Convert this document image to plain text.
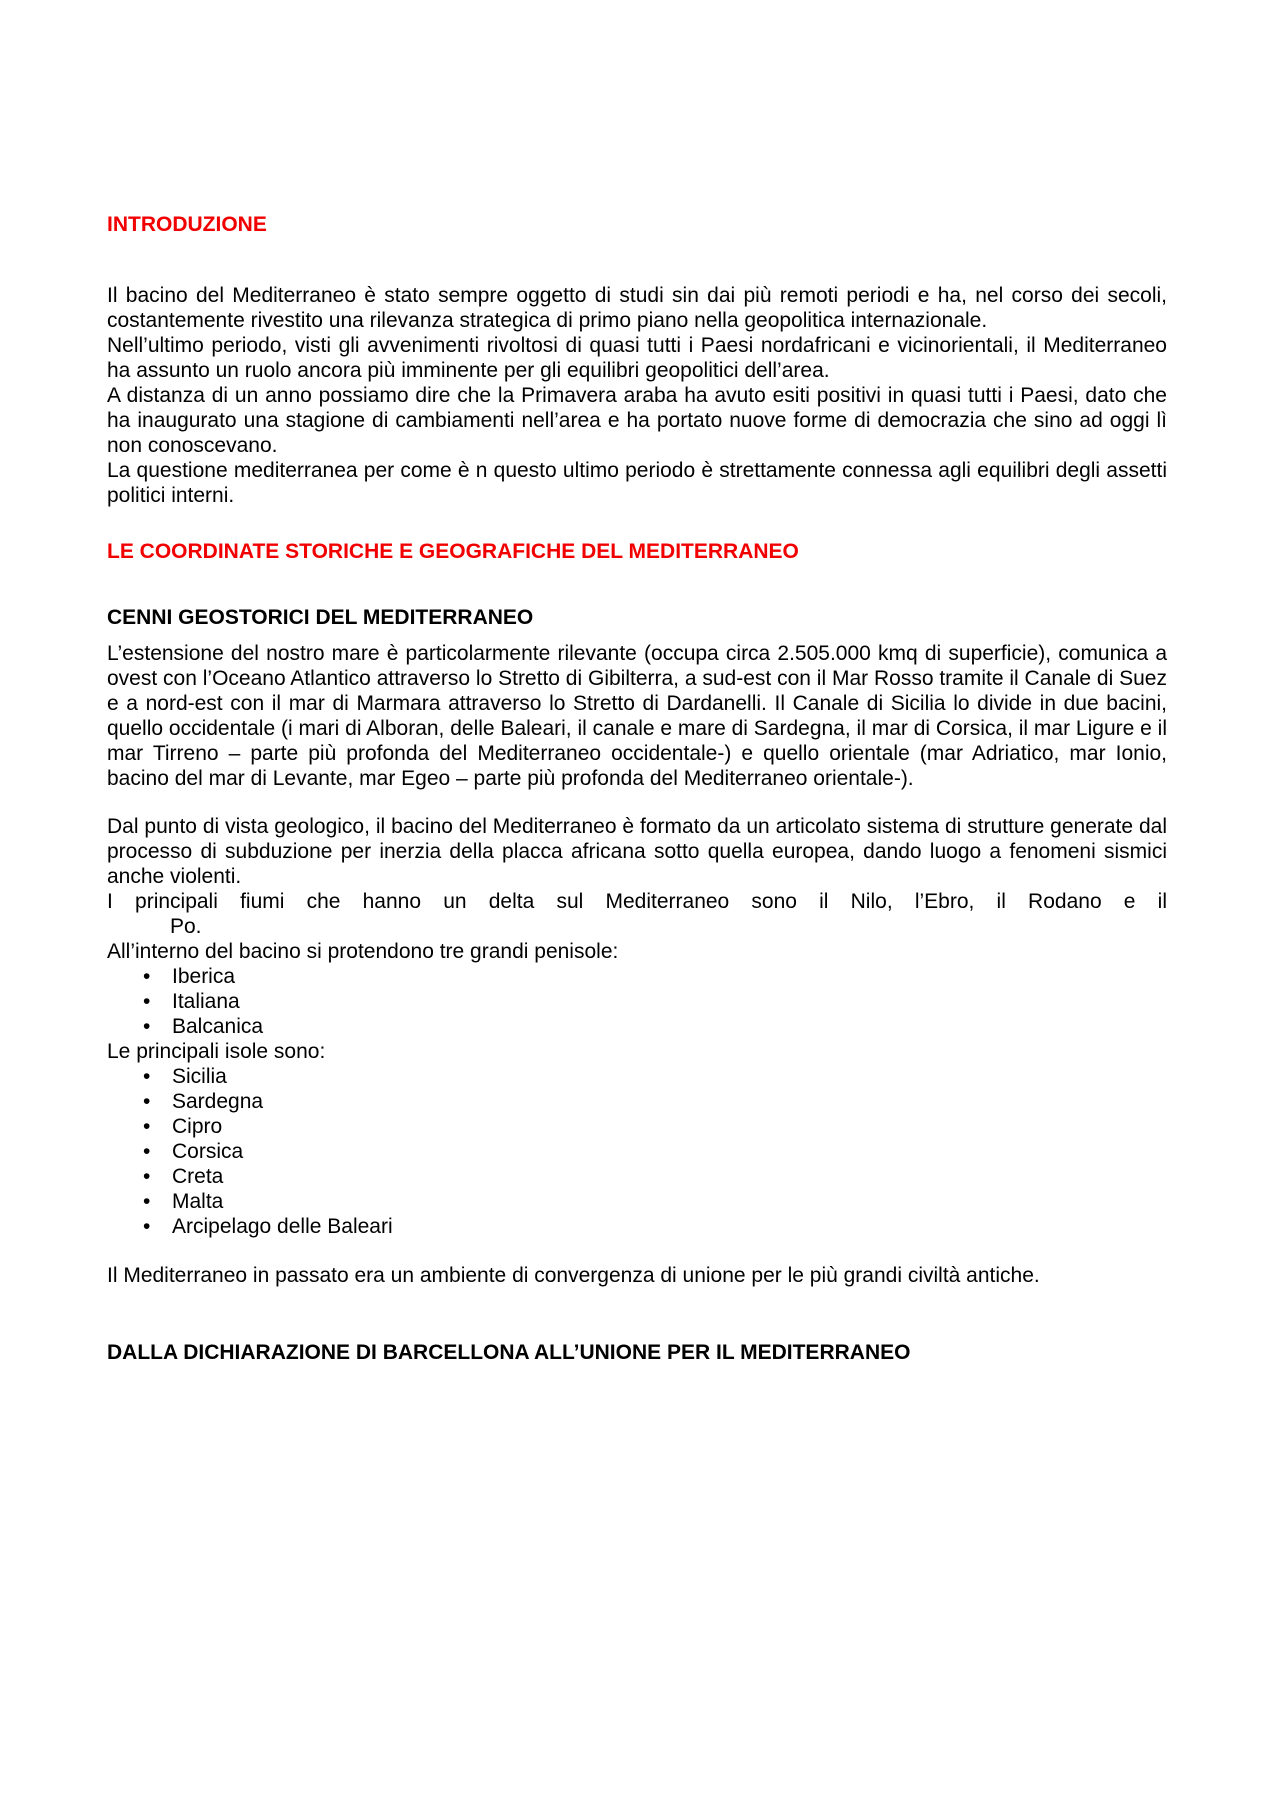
INTRODUZIONE

Il bacino del Mediterraneo è stato sempre oggetto di studi sin dai più remoti periodi e ha, nel corso dei secoli, costantemente rivestito una rilevanza strategica di primo piano nella geopolitica internazionale.

Nell’ultimo periodo, visti gli avvenimenti rivoltosi di quasi tutti i Paesi nordafricani e vicinorientali, il Mediterraneo ha assunto un ruolo ancora più imminente per gli equilibri geopolitici dell’area.

A distanza di un anno possiamo dire che la Primavera araba ha avuto esiti positivi in quasi tutti i Paesi, dato che ha inaugurato una stagione di cambiamenti nell’area e ha portato nuove forme di democrazia che sino ad oggi lì non conoscevano.

La questione mediterranea per come è n questo ultimo periodo è strettamente connessa agli equilibri degli assetti politici interni.

LE COORDINATE STORICHE E GEOGRAFICHE DEL MEDITERRANEO
CENNI GEOSTORICI DEL MEDITERRANEO

L’estensione del nostro mare è particolarmente rilevante (occupa circa 2.505.000 kmq di superficie), comunica a ovest con l’Oceano Atlantico attraverso lo Stretto di Gibilterra, a sud-est con il Mar Rosso tramite il Canale di Suez e a nord-est con il mar di Marmara attraverso lo Stretto di Dardanelli. Il Canale di Sicilia lo divide in due bacini, quello occidentale (i mari di Alboran, delle Baleari, il canale e mare di Sardegna, il mar di Corsica, il mar Ligure e il mar Tirreno – parte più profonda del Mediterraneo occidentale-) e quello orientale (mar Adriatico, mar Ionio, bacino del mar di Levante, mar Egeo – parte più profonda del Mediterraneo orientale-).

Dal punto di vista geologico, il bacino del Mediterraneo è formato da un articolato sistema di strutture generate dal processo di subduzione per inerzia della placca africana sotto quella europea, dando luogo a fenomeni sismici anche violenti.

I principali fiumi che hanno un delta sul Mediterraneo sono il Nilo, l’Ebro, il Rodano e il
Po.

All’interno del bacino si protendono tre grandi penisole:

• Iberica
• Italiana
• Balcanica

Le principali isole sono:

• Sicilia
• Sardegna
• Cipro
• Corsica
• Creta
• Malta
• Arcipelago delle Baleari

Il Mediterraneo in passato era un ambiente di convergenza di unione per le più grandi civiltà antiche.

DALLA DICHIARAZIONE DI BARCELLONA ALL’UNIONE PER IL MEDITERRANEO
